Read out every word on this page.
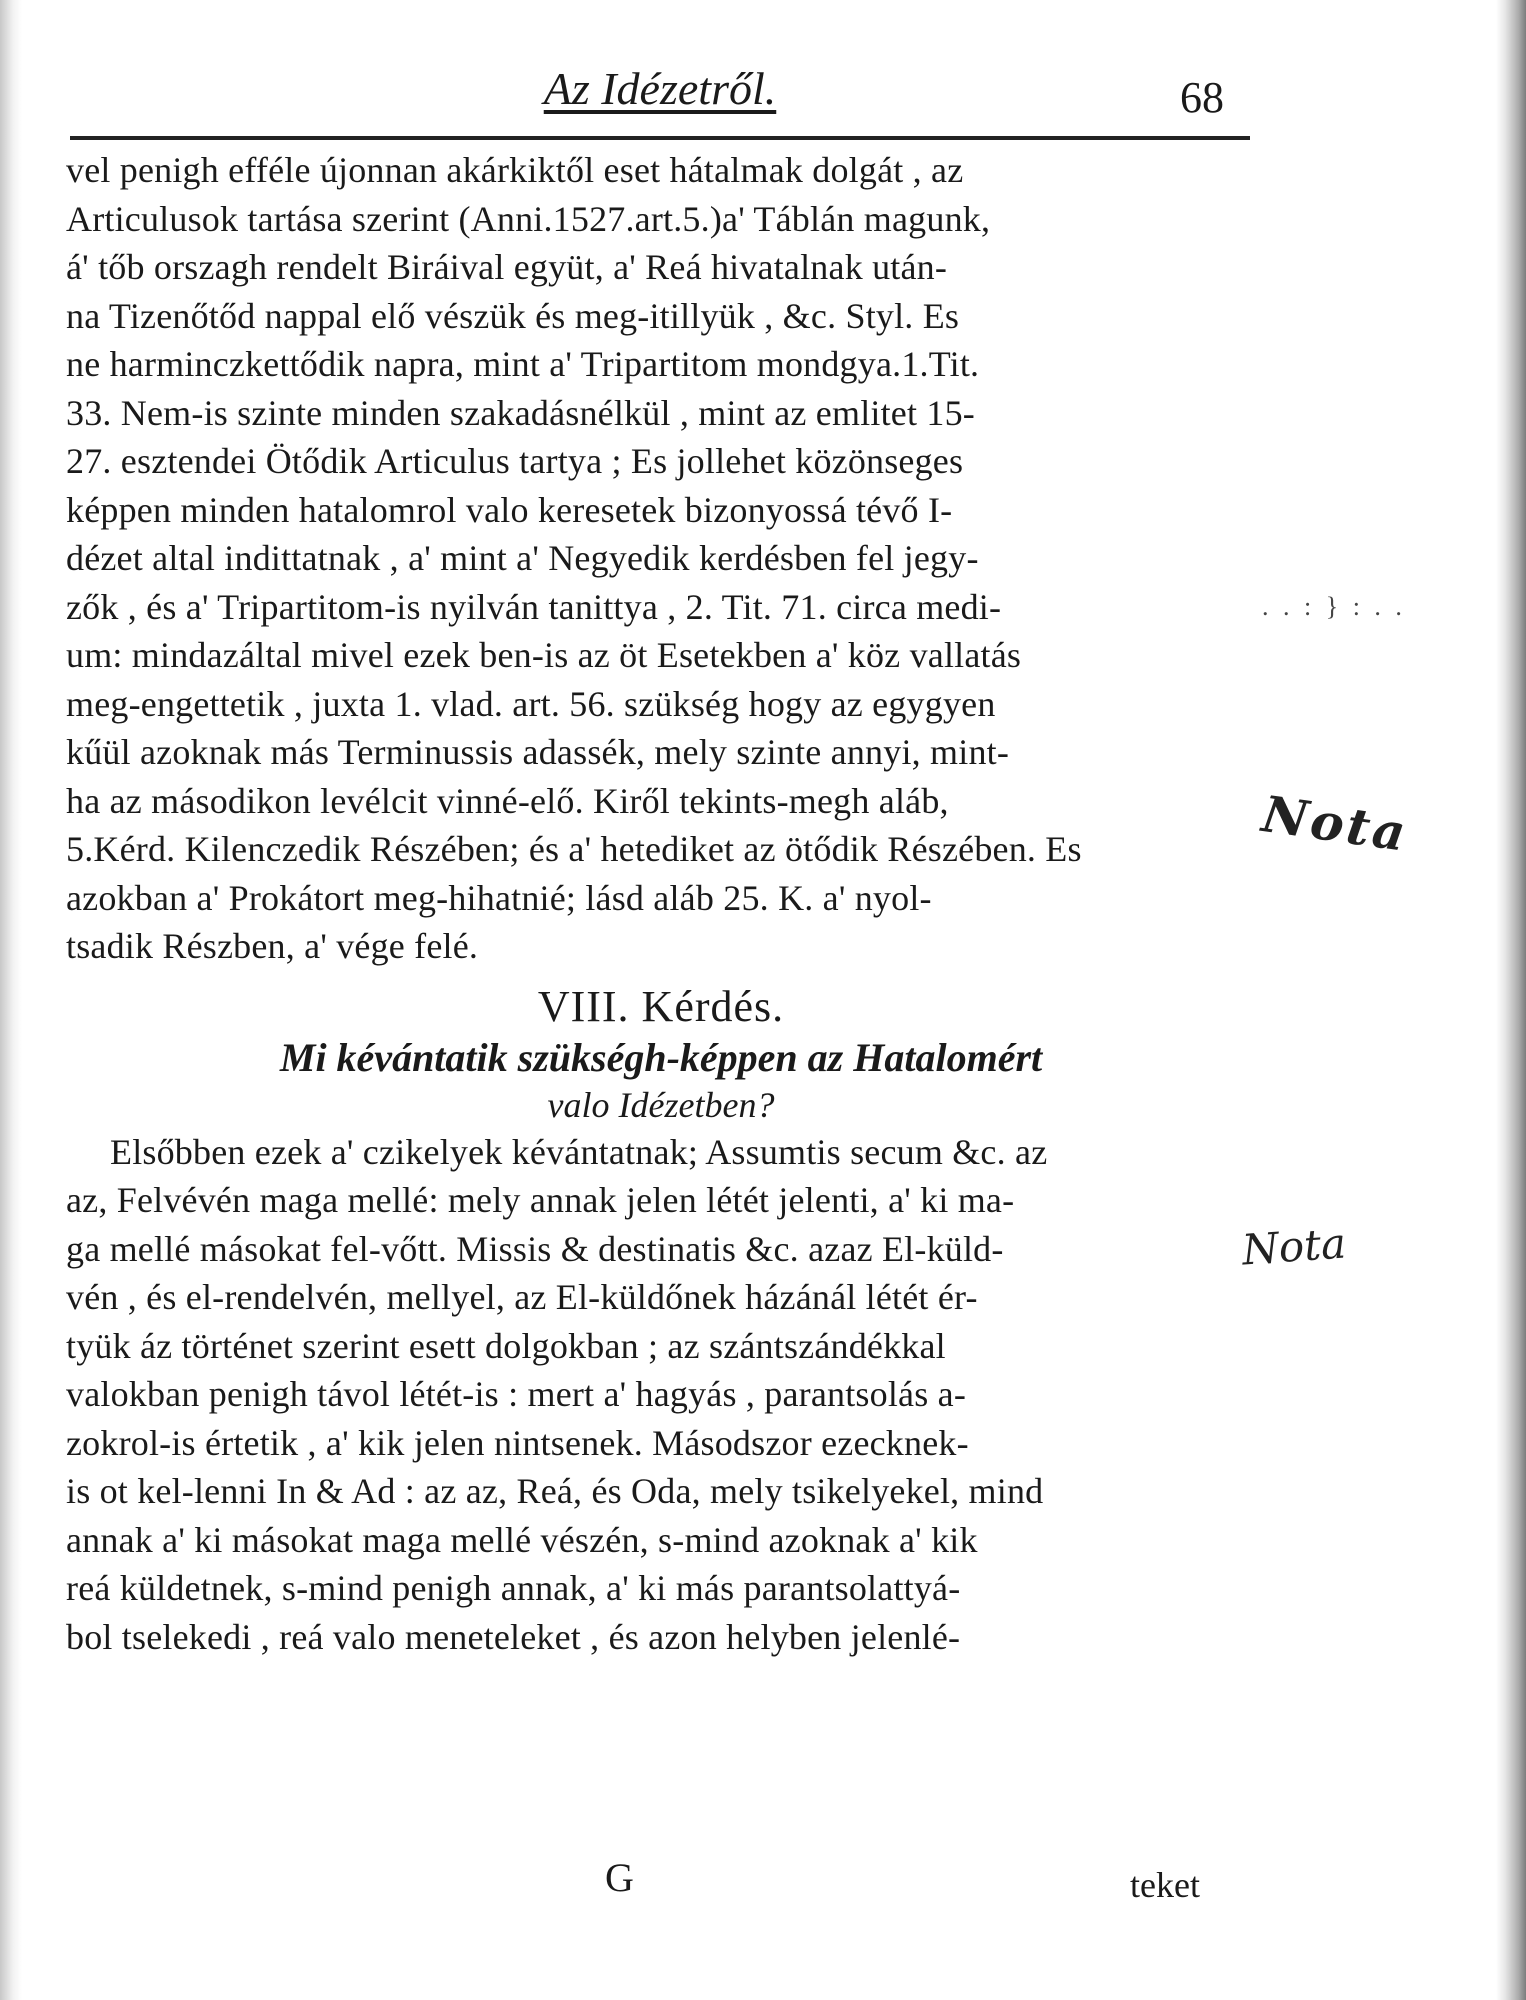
Az Idézetről.	68
vel penigh efféle újonnan akárkiktől eset hátalmak dolgát , az
Articulusok tartása szerint (Anni.1527.art.5.)a' Táblán magunk,
á' tőb orszagh rendelt Biráival együt, a' Reá hivatalnak után-
na Tizenőtőd nappal elő vészük és meg-itillyük , &c. Styl. Es
ne harminczkettődik napra, mint a' Tripartitom mondgya.1.Tit.
33. Nem-is szinte minden szakadásnélkül , mint az emlitet 15-
27. esztendei Ötődik Articulus tartya ; Es jollehet közönseges
képpen minden hatalomrol valo keresetek bizonyossá tévő I-
dézet altal indittatnak , a' mint a' Negyedik kerdésben fel jegy-
zők , és a' Tripartitom-is nyilván tanittya , 2. Tit. 71. circa medi-
um: mindazáltal mivel ezek ben-is az öt Esetekben a' köz vallatás
meg-engettetik , juxta 1. vlad. art. 56. szükség hogy az egygyen
kűül azoknak más Terminussis adassék, mely szinte annyi, mint-
ha az másodikon levélcit vinné-elő. Kiről tekints-megh aláb,
5.Kérd. Kilenczedik Részében; és a' hetediket az ötődik Részében. Es
azokban a' Prokátort meg-hihatnié; lásd aláb 25. K. a' nyol-
tsadik Részben, a' vége felé.
VIII. Kérdés.
Mi kévántatik szükségh-képpen az Hatalomért
valo Idézetben?
Elsőbben ezek a' czikelyek kévántatnak; Assumtis secum &c. az
az, Felvévén maga mellé: mely annak jelen létét jelenti, a' ki ma-
ga mellé másokat fel-vőtt. Missis & destinatis &c. azaz El-küld-
vén , és el-rendelvén, mellyel, az El-küldőnek házánál létét ér-
tyük áz történet szerint esett dolgokban ; az szántszándékkal
valokban penigh távol létét-is : mert a' hagyás , parantsolás a-
zokrol-is értetik , a' kik jelen nintsenek. Másodszor ezecknek-
is ot kel-lenni In & Ad : az az, Reá, és Oda, mely tsikelyekel, mind
annak a' ki másokat maga mellé vészén, s-mind azoknak a' kik
reá küldetnek, s-mind penigh annak, a' ki más parantsolattyá-
bol tselekedi , reá valo meneteleket , és azon helyben jelenlé-
G	teket
. . : } : . .
Nota
Nota
